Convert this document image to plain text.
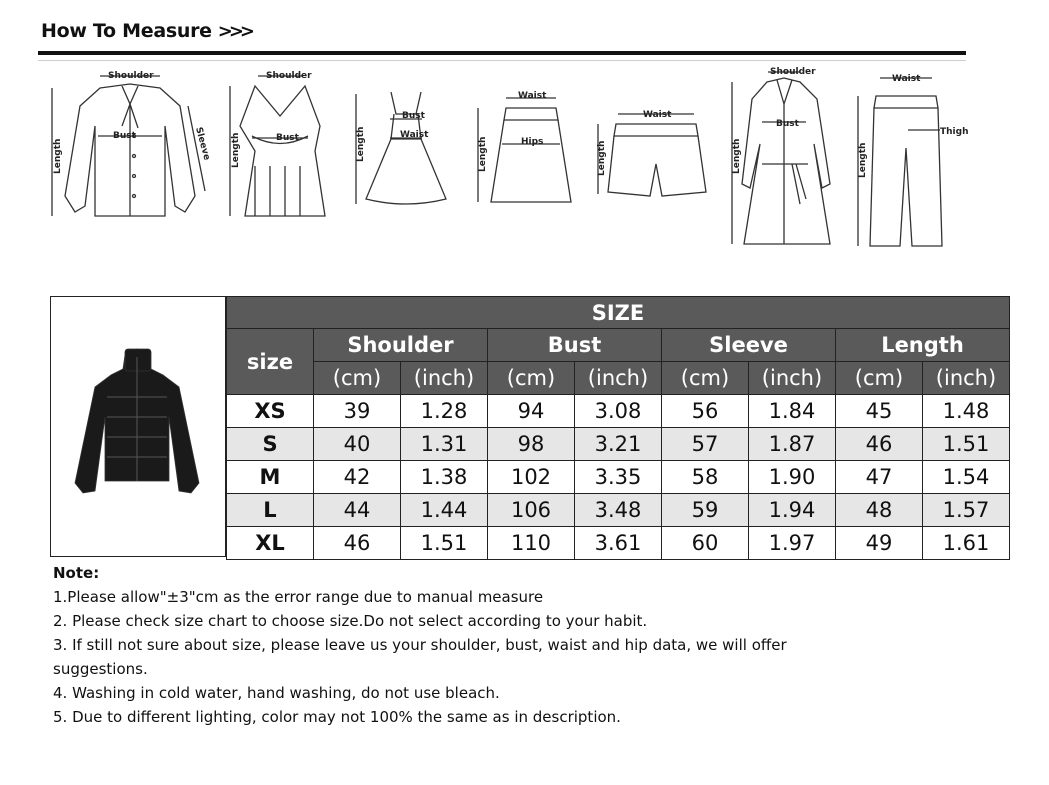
How To Measure >>>
Shoulder
Bust
Length	Sleeve
Shoulder
Bust
Length
Bust
Waist
Length
Waist
Hips
Length
Waist
Length
Shoulder
Bust
Length
Waist
Thigh
Length
SIZE								
size	Shoulder		Bust		Sleeve		Length	
	(cm)	(inch)	(cm)	(inch)	(cm)	(inch)	(cm)	(inch)
XS	39	1.28	94	3.08	56	1.84	45	1.48
S	40	1.31	98	3.21	57	1.87	46	1.51
M	42	1.38	102	3.35	58	1.90	47	1.54
L	44	1.44	106	3.48	59	1.94	48	1.57
XL	46	1.51	110	3.61	60	1.97	49	1.61
Note:
1.Please allow"±3"cm as the error range due to manual measure
2. Please check size chart to choose size.Do not select according to your habit.
3. If still not sure about size, please leave us your shoulder, bust, waist and hip data, we will offer suggestions.
4. Washing in cold water, hand washing, do not use bleach.
5. Due to different lighting, color may not 100% the same as in description.
